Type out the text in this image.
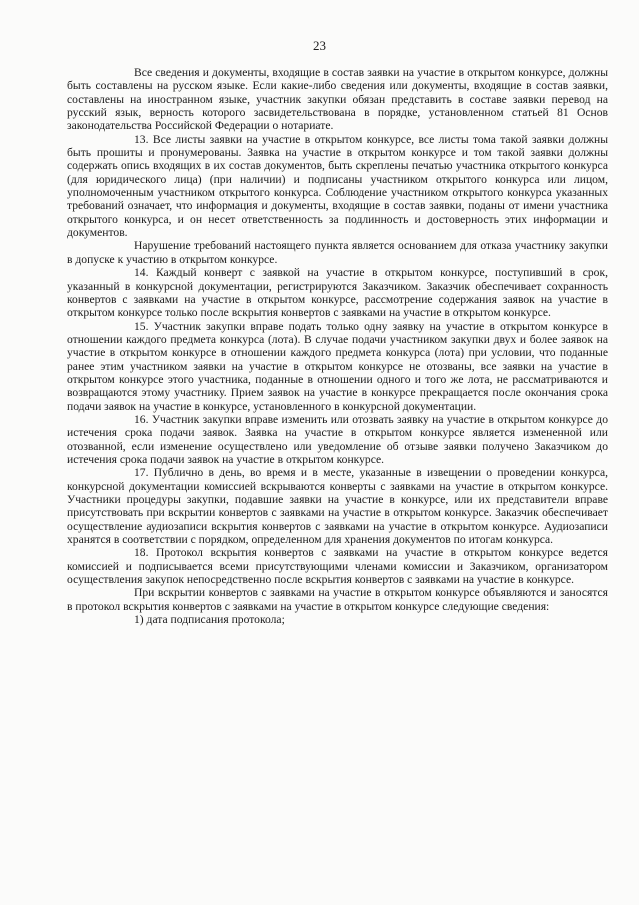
23

Все сведения и документы, входящие в состав заявки на участие в открытом конкурсе, должны быть составлены на русском языке. Если какие-либо сведения или документы, входящие в состав заявки, составлены на иностранном языке, участник закупки обязан представить в составе заявки перевод на русский язык, верность которого засвидетельствована в порядке, установленном статьей 81 Основ законодательства Российской Федерации о нотариате.

13. Все листы заявки на участие в открытом конкурсе, все листы тома такой заявки должны быть прошиты и пронумерованы. Заявка на участие в открытом конкурсе и том такой заявки должны содержать опись входящих в их состав документов, быть скреплены печатью участника открытого конкурса (для юридического лица) (при наличии) и подписаны участником открытого конкурса или лицом, уполномоченным участником открытого конкурса. Соблюдение участником открытого конкурса указанных требований означает, что информация и документы, входящие в состав заявки, поданы от имени участника открытого конкурса, и он несет ответственность за подлинность и достоверность этих информации и документов.

Нарушение требований настоящего пункта является основанием для отказа участнику закупки в допуске к участию в открытом конкурсе.

14. Каждый конверт с заявкой на участие в открытом конкурсе, поступивший в срок, указанный в конкурсной документации, регистрируются Заказчиком. Заказчик обеспечивает сохранность конвертов с заявками на участие в открытом конкурсе, рассмотрение содержания заявок на участие в открытом конкурсе только после вскрытия конвертов с заявками на участие в открытом конкурсе.

15. Участник закупки вправе подать только одну заявку на участие в открытом конкурсе в отношении каждого предмета конкурса (лота). В случае подачи участником закупки двух и более заявок на участие в открытом конкурсе в отношении каждого предмета конкурса (лота) при условии, что поданные ранее этим участником заявки на участие в открытом конкурсе не отозваны, все заявки на участие в открытом конкурсе этого участника, поданные в отношении одного и того же лота, не рассматриваются и возвращаются этому участнику. Прием заявок на участие в конкурсе прекращается после окончания срока подачи заявок на участие в конкурсе, установленного в конкурсной документации.

16. Участник закупки вправе изменить или отозвать заявку на участие в открытом конкурсе до истечения срока подачи заявок. Заявка на участие в открытом конкурсе является измененной или отозванной, если изменение осуществлено или уведомление об отзыве заявки получено Заказчиком до истечения срока подачи заявок на участие в открытом конкурсе.

17. Публично в день, во время и в месте, указанные в извещении о проведении конкурса, конкурсной документации комиссией вскрываются конверты с заявками на участие в открытом конкурсе. Участники процедуры закупки, подавшие заявки на участие в конкурсе, или их представители вправе присутствовать при вскрытии конвертов с заявками на участие в открытом конкурсе. Заказчик обеспечивает осуществление аудиозаписи вскрытия конвертов с заявками на участие в открытом конкурсе. Аудиозаписи хранятся в соответствии с порядком, определенном для хранения документов по итогам конкурса.

18. Протокол вскрытия конвертов с заявками на участие в открытом конкурсе ведется комиссией и подписывается всеми присутствующими членами комиссии и Заказчиком, организатором осуществления закупок непосредственно после вскрытия конвертов с заявками на участие в конкурсе.

При вскрытии конвертов с заявками на участие в открытом конкурсе объявляются и заносятся в протокол вскрытия конвертов с заявками на участие в открытом конкурсе следующие сведения:

1) дата подписания протокола;
